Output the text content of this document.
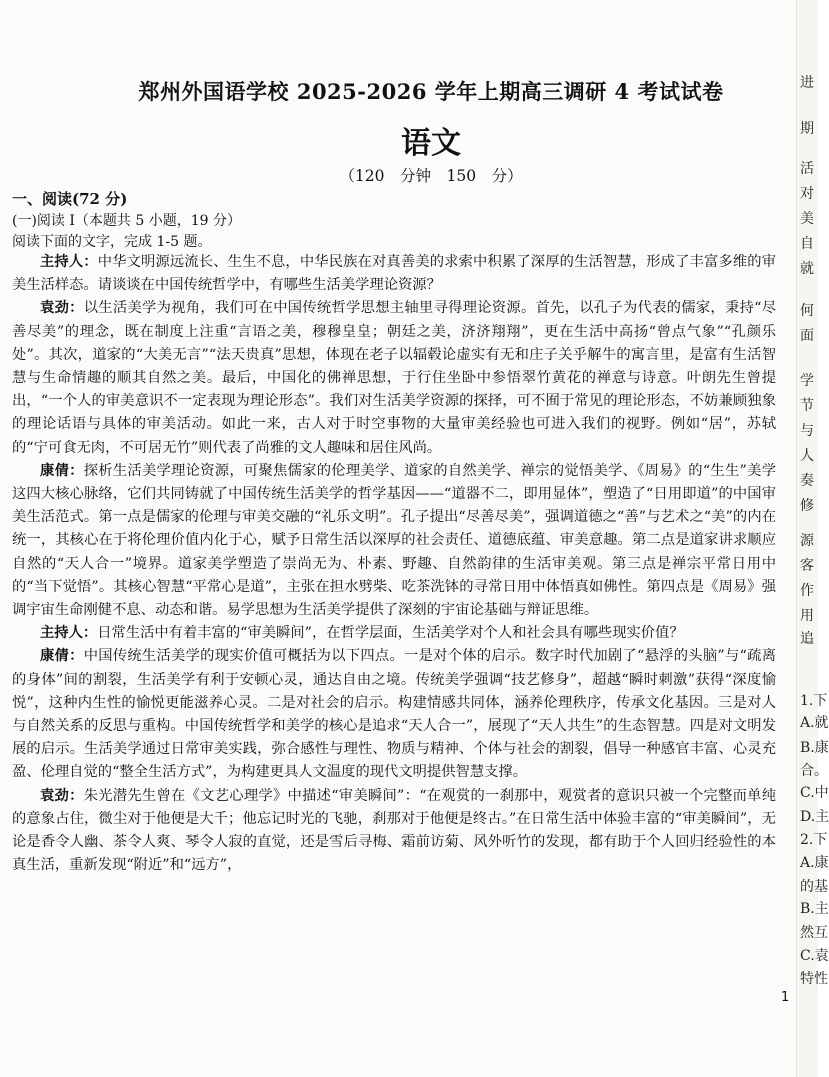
郑州外国语学校 2025-2026 学年上期高三调研 4 考试试卷
语文
（120　分钟　150　分）
一、阅读(72 分)
(一)阅读 I（本题共 5 小题，19 分）
阅读下面的文字，完成 1-5 题。

主持人：中华文明源远流长、生生不息，中华民族在对真善美的求索中积累了深厚的生活智慧，形成了丰富多维的审美生活样态。请谈谈在中国传统哲学中，有哪些生活美学理论资源？

袁劲：以生活美学为视角，我们可在中国传统哲学思想主轴里寻得理论资源。首先，以孔子为代表的儒家，秉持“尽善尽美”的理念，既在制度上注重“言语之美，穆穆皇皇；朝廷之美，济济翔翔”，更在生活中高扬“曾点气象”“孔颜乐处”。其次，道家的“大美无言”“法天贵真”思想，体现在老子以辐毂论虚实有无和庄子关乎解牛的寓言里，是富有生活智慧与生命情趣的顺其自然之美。最后，中国化的佛禅思想，于行住坐卧中参悟翠竹黄花的禅意与诗意。叶朗先生曾提出，“一个人的审美意识不一定表现为理论形态”。我们对生活美学资源的探择，可不囿于常见的理论形态，不妨兼顾独象的理论话语与具体的审美活动。如此一来，古人对于时空事物的大量审美经验也可进入我们的视野。例如“居”，苏轼的“宁可食无肉，不可居无竹”则代表了尚雅的文人趣味和居住风尚。

康倩：探析生活美学理论资源，可聚焦儒家的伦理美学、道家的自然美学、禅宗的觉悟美学、《周易》的“生生”美学这四大核心脉络，它们共同铸就了中国传统生活美学的哲学基因——“道器不二，即用显体”，塑造了“日用即道”的中国审美生活范式。第一点是儒家的伦理与审美交融的“礼乐文明”。孔子提出“尽善尽美”，强调道德之“善”与艺术之“美”的内在统一，其核心在于将伦理价值内化于心，赋予日常生活以深厚的社会责任、道德底蕴、审美意趣。第二点是道家讲求顺应自然的“天人合一”境界。道家美学塑造了崇尚无为、朴素、野趣、自然韵律的生活审美观。第三点是禅宗平常日用中的“当下觉悟”。其核心智慧“平常心是道”，主张在担水劈柴、吃茶洗钵的寻常日用中体悟真如佛性。第四点是《周易》强调宇宙生命刚健不息、动态和谐。易学思想为生活美学提供了深刻的宇宙论基础与辩证思维。

主持人：日常生活中有着丰富的“审美瞬间”，在哲学层面，生活美学对个人和社会具有哪些现实价值？

康倩：中国传统生活美学的现实价值可概括为以下四点。一是对个体的启示。数字时代加剧了“悬浮的头脑”与“疏离的身体”间的割裂，生活美学有利于安顿心灵，通达自由之境。传统美学强调“技艺修身”，超越“瞬时刺激”获得“深度愉悦”，这种内生性的愉悦更能滋养心灵。二是对社会的启示。构建情感共同体，涵养伦理秩序，传承文化基因。三是对人与自然关系的反思与重构。中国传统哲学和美学的核心是追求“天人合一”，展现了“天人共生”的生态智慧。四是对文明发展的启示。生活美学通过日常审美实践，弥合感性与理性、物质与精神、个体与社会的割裂，倡导一种感官丰富、心灵充盈、伦理自觉的“整全生活方式”，为构建更具人文温度的现代文明提供智慧支撑。

袁劲：朱光潜先生曾在《文艺心理学》中描述“审美瞬间”：“在观赏的一刹那中，观赏者的意识只被一个完整而单纯的意象占住，微尘对于他便是大千；他忘记时光的飞驰，刹那对于他便是终古。”在日常生活中体验丰富的“审美瞬间”，无论是香令人幽、茶令人爽、琴令人寂的直觉，还是雪后寻梅、霜前访菊、风外听竹的发现，都有助于个人回归经验性的本真生活，重新发现“附近”和“远方”，

1
进
期
活
对
美
自
就
何
面
学
节
与
人
奏
修
源
客
作
用
追
1.下
A.就
B.康
合。
C.中
D.主
2.下
A.康
的基
B.主
然互
C.袁
特性
